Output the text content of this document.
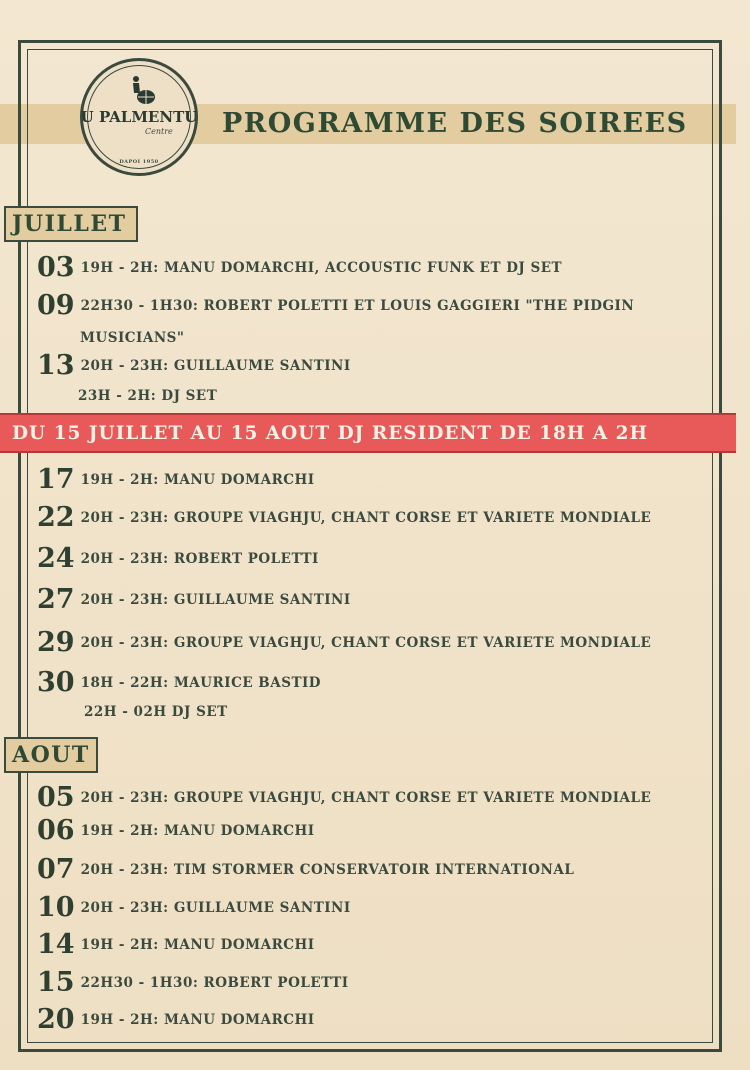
U PALMENTU
Centre
DAPOI 1950
PROGRAMME DES SOIREES
JUILLET
03 19H - 2H: MANU DOMARCHI, ACCOUSTIC FUNK ET DJ SET
09 22H30 - 1H30: ROBERT POLETTI ET LOUIS GAGGIERI "THE PIDGIN
MUSICIANS"
13 20H - 23H: GUILLAUME SANTINI
23H - 2H: DJ SET
DU 15 JUILLET AU 15 AOUT DJ RESIDENT DE 18H A 2H
17 19H - 2H: MANU DOMARCHI
22 20H - 23H: GROUPE VIAGHJU, CHANT CORSE ET VARIETE MONDIALE
24 20H - 23H: ROBERT POLETTI
27 20H - 23H: GUILLAUME SANTINI
29 20H - 23H: GROUPE VIAGHJU, CHANT CORSE ET VARIETE MONDIALE
30 18H - 22H: MAURICE BASTID
22H - 02H DJ SET
AOUT
05 20H - 23H: GROUPE VIAGHJU, CHANT CORSE ET VARIETE MONDIALE
06 19H - 2H: MANU DOMARCHI
07 20H - 23H: TIM STORMER CONSERVATOIR INTERNATIONAL
10 20H - 23H: GUILLAUME SANTINI
14 19H - 2H: MANU DOMARCHI
15 22H30 - 1H30: ROBERT POLETTI
20 19H - 2H: MANU DOMARCHI
